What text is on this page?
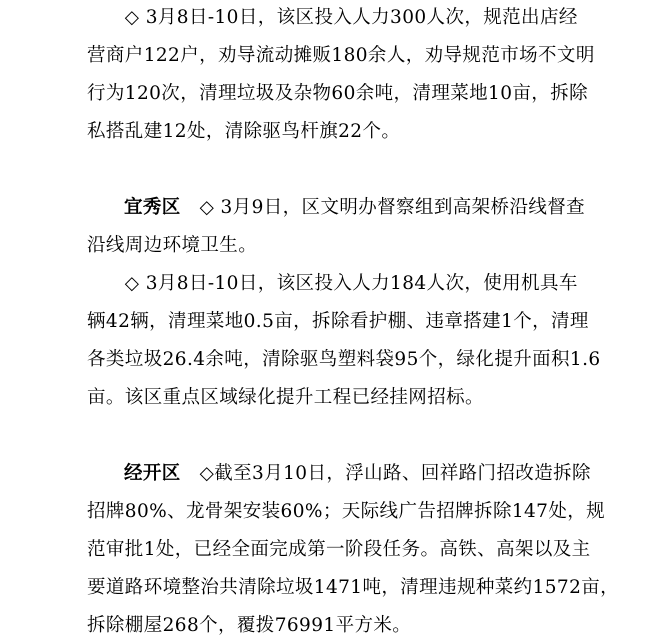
　　◇ 3月8日-10日，该区投入人力300人次，规范出店经
营商户122户，劝导流动摊贩180余人，劝导规范市场不文明
行为120次，清理垃圾及杂物60余吨，清理菜地10亩，拆除
私搭乱建12处，清除驱鸟杆旗22个。
宜秀区　◇ 3月9日，区文明办督察组到高架桥沿线督查
沿线周边环境卫生。
　　◇ 3月8日-10日，该区投入人力184人次，使用机具车
辆42辆，清理菜地0.5亩，拆除看护棚、违章搭建1个，清理
各类垃圾26.4余吨，清除驱鸟塑料袋95个，绿化提升面积1.6
亩。该区重点区域绿化提升工程已经挂网招标。
经开区　◇截至3月10日，浮山路、回祥路门招改造拆除
招牌80%、龙骨架安装60%；天际线广告招牌拆除147处，规
范审批1处，已经全面完成第一阶段任务。高铁、高架以及主
要道路环境整治共清除垃圾1471吨，清理违规种菜约1572亩，
拆除棚屋268个，覆拨76991平方米。
